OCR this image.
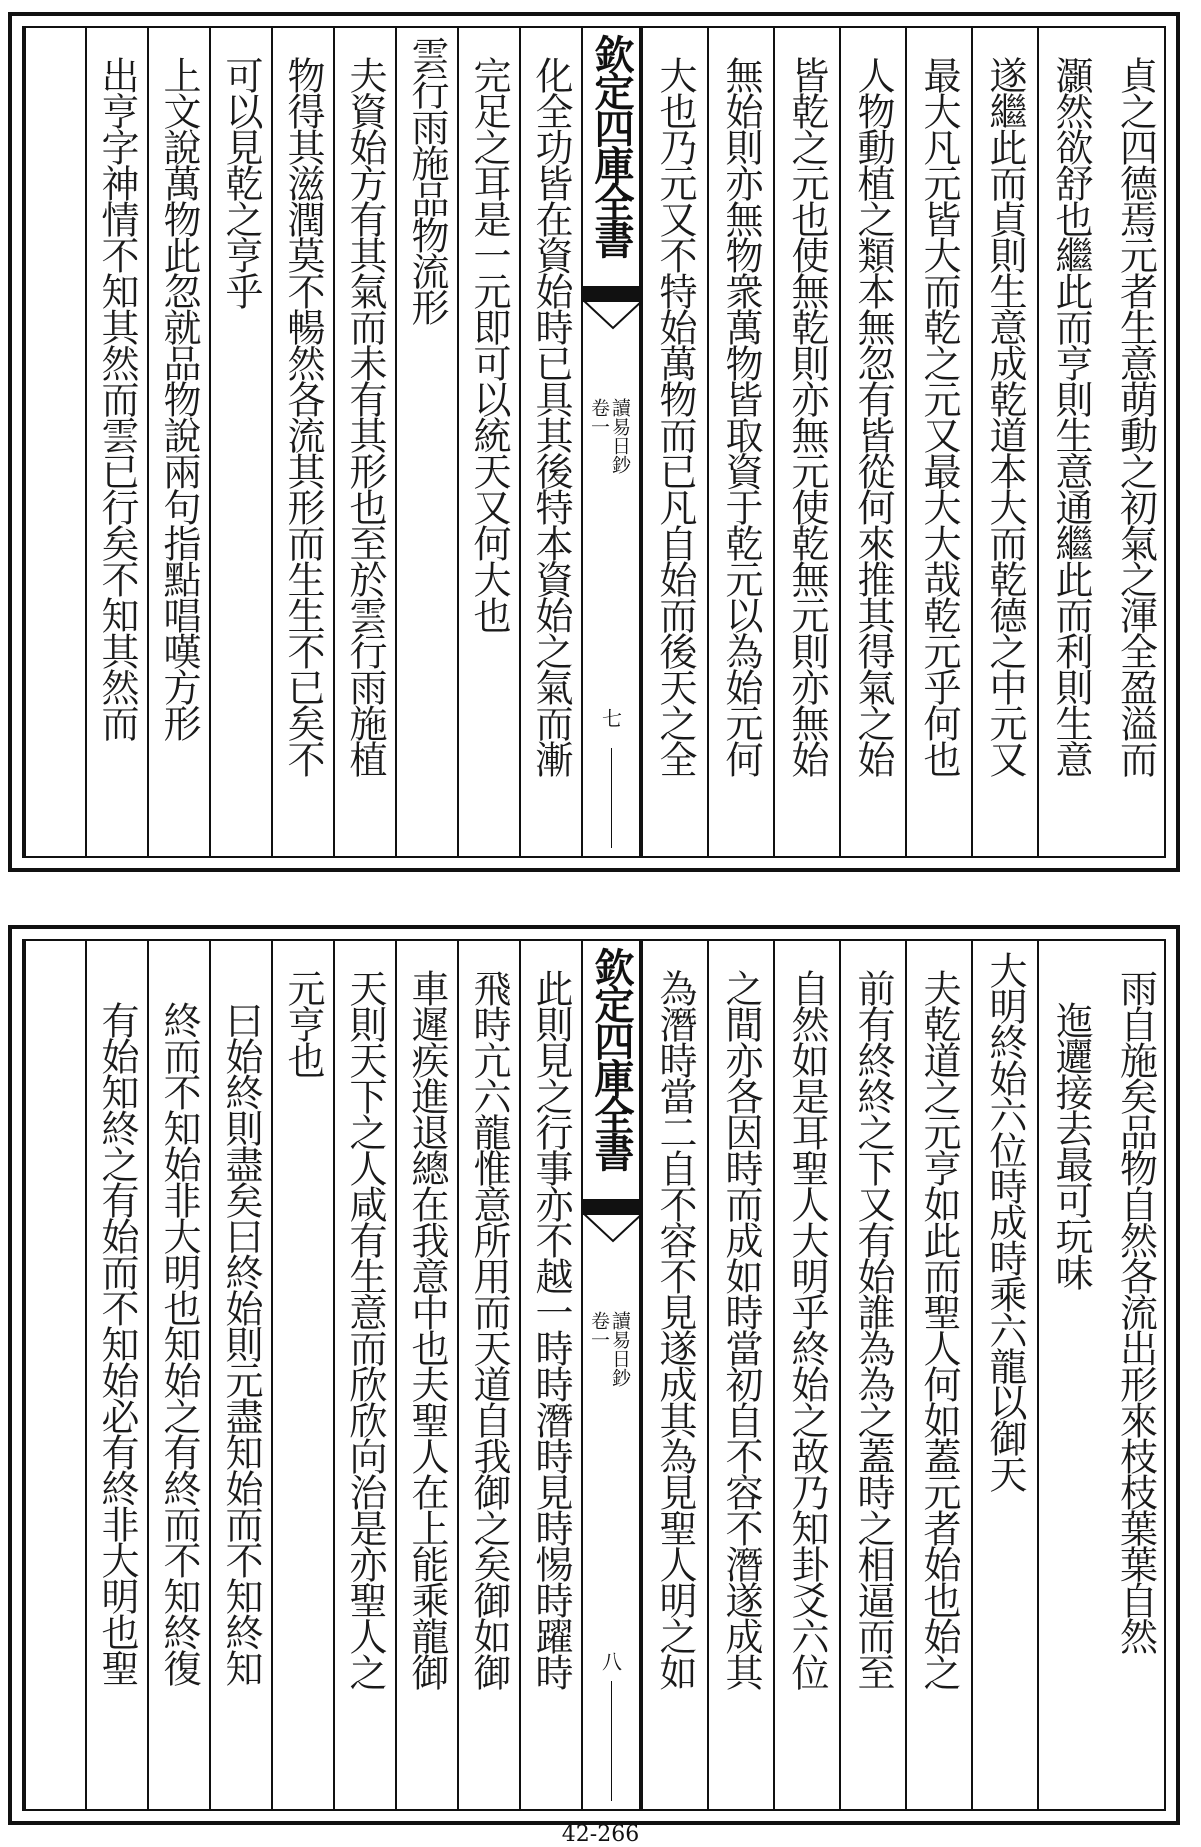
貞之四德焉元者生意萌動之初氣之渾全盈溢而
灝然欲舒也繼此而亨則生意通繼此而利則生意
遂繼此而貞則生意成乾道本大而乾德之中元又
最大凡元皆大而乾之元又最大大哉乾元乎何也
人物動植之類本無忽有皆從何來推其得氣之始
皆乾之元也使無乾則亦無元使乾無元則亦無始
無始則亦無物衆萬物皆取資于乾元以為始元何
大也乃元又不特始萬物而已凡自始而後天之全
欽定四庫全書
讀易日鈔
卷一
七
化全功皆在資始時已具其後特本資始之氣而漸
完足之耳是一元即可以統天又何大也
雲行雨施品物流形
夫資始方有其氣而未有其形也至於雲行雨施植
物得其滋潤莫不暢然各流其形而生生不已矣不
可以見乾之亨乎
上文說萬物此忽就品物說兩句指點唱嘆方形
出亨字神情不知其然而雲已行矣不知其然而
雨自施矣品物自然各流出形來枝枝葉葉自然
迤邐接去最可玩味
大明終始六位時成時乘六龍以御天
夫乾道之元亨如此而聖人何如蓋元者始也始之
前有終終之下又有始誰為為之蓋時之相逼而至
自然如是耳聖人大明乎終始之故乃知卦爻六位
之間亦各因時而成如時當初自不容不潛遂成其
為潛時當二自不容不見遂成其為見聖人明之如
欽定四庫全書
讀易日鈔
卷一
八
此則見之行事亦不越一時時潛時見時惕時躍時
飛時亢六龍惟意所用而天道自我御之矣御如御
車遲疾進退總在我意中也夫聖人在上能乘龍御
天則天下之人咸有生意而欣欣向治是亦聖人之
元亨也
曰始終則盡矣曰終始則元盡知始而不知終知
終而不知始非大明也知始之有終而不知終復
有始知終之有始而不知始必有終非大明也聖
42-266
